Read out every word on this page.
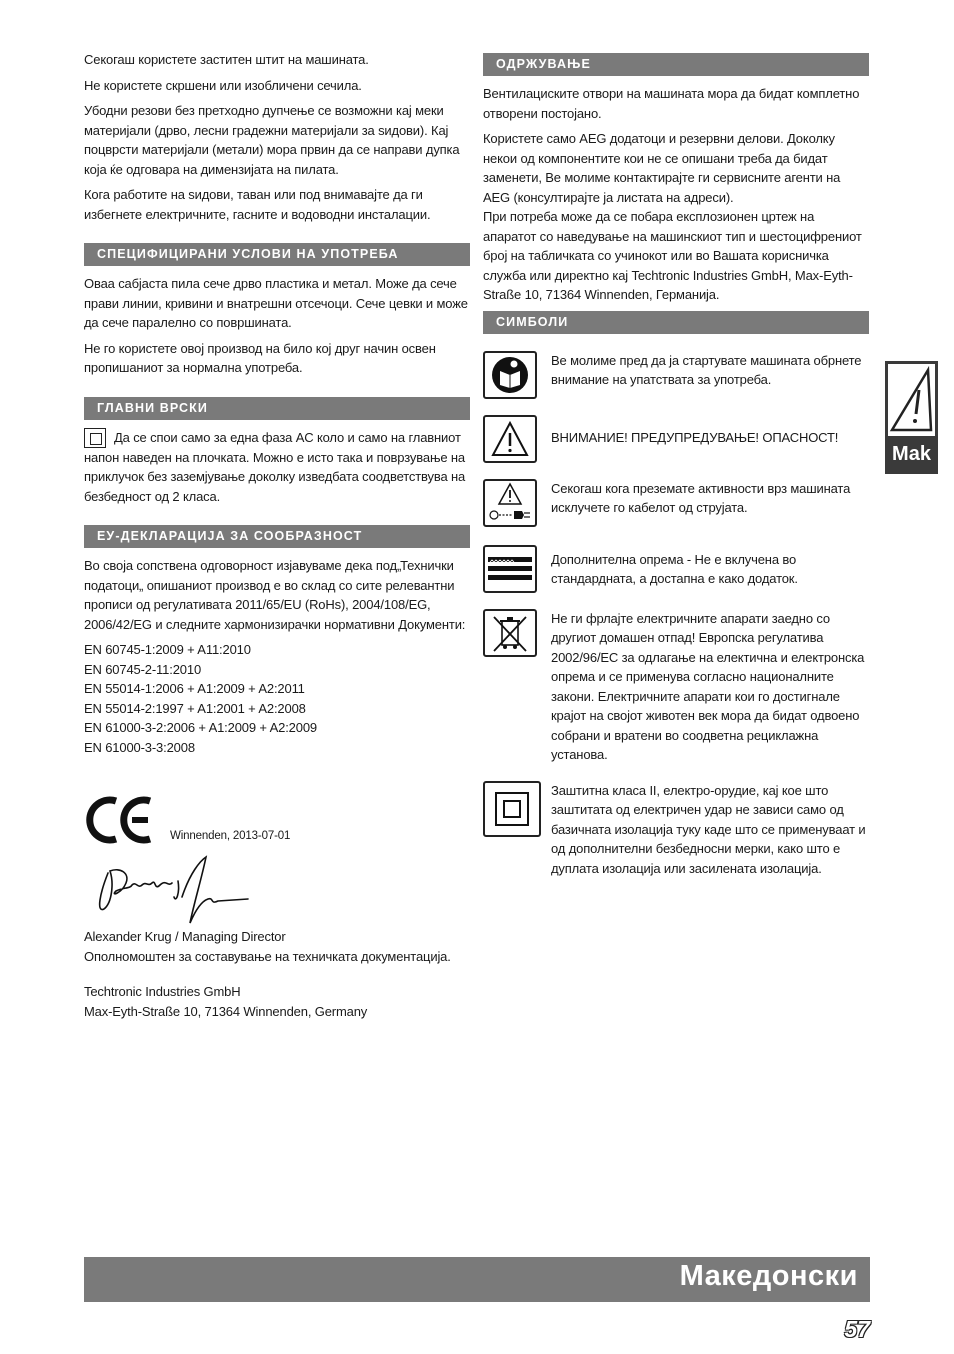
Секогаш користете заститен штит на машината.

Не користете скршени или изобличени сечила.

Убодни резови без претходно дупчење се возможни кај меки материјали (дрво, лесни градежни материјали за ѕидови). Кај поцврсти материјали (метали) мора првин да се направи дупка која ќе одговара на димензијата на пилата.

Кога работите на ѕидови, таван или под внимавајте да ги избегнете електричните, гасните и водоводни инсталации.

СПЕЦИФИЦИРАНИ УСЛОВИ НА УПОТРЕБА

Оваа сабјаста пила сече дрво пластика и метал. Може да сече прави линии, кривини и внатрешни отсечоци. Сече цевки и може да сече паралелно со површината.

Не го користете овој производ на било кој друг начин освен пропишаниот за нормална употреба.

ГЛАВНИ ВРСКИ

Да се спои само за една фаза AC коло и само на главниот напон наведен на плочката. Можно е исто така и поврзување на приклучок без заземјување доколку изведбата соодветствува на безбедност од 2 класа.

ЕУ-ДЕКЛАРАЦИЈА ЗА СООБРАЗНОСТ

Во своја сопствена одговорност изјавуваме дека под„Технички податоци„ опишаниот производ е во склад со сите релевантни прописи од регулативата 2011/65/EU (RoHs), 2004/108/EG, 2006/42/EG и следните хармонизирачки нормативни Документи:

EN 60745-1:2009 + A11:2010
EN 60745-2-11:2010
EN 55014-1:2006 + A1:2009 + A2:2011
EN 55014-2:1997 + A1:2001 + A2:2008
EN 61000-3-2:2006 + A1:2009 + A2:2009
EN 61000-3-3:2008
Winnenden, 2013-07-01

Alexander Krug / Managing Director

Ополномоштен за составување на техничката документација.

Techtronic Industries GmbH

Max-Eyth-Straße 10, 71364 Winnenden, Germany

ОДРЖУВАЊЕ

Вентилациските отвори на машината мора да бидат комплетно отворени постојано.

Користете само AEG додатоци и резервни делови. Доколку некои од компонентите кои не се опишани треба да бидат заменети, Ве молиме контактирајте ги сервисните агенти на AEG (консултирајте ја листата на адреси).

При потреба може да се побара експлозионен цртеж на апаратот со наведување на машинскиот тип и шестоцифрениот број на табличката со учинокот или во Вашата корисничка служба или директно кај Techtronic Industries GmbH, Max-Eyth-Straße 10, 71364 Winnenden, Германија.

СИМБОЛИ
Ве молиме пред да ја стартувате машината обрнете внимание на упатствата за употреба.
ВНИМАНИЕ! ПРЕДУПРЕДУВАЊЕ! ОПАСНОСТ!
Секогаш кога преземате активности врз машината исклучете го кабелот од струјата.
Дополнителна опрема - Не е вклучена во стандардната, а достапна е како додаток.
Не ги фрлајте електричните апарати заедно со другиот домашен отпад! Европска регулатива 2002/96/EC за одлагање на електична и електронска опрема и се применува согласно националните закони. Електричните апарати кои го достигнале крајот на својот животен век мора да бидат одвоено собрани и вратени во соодветна рециклажна установа.
Заштитна класа II, електро-орудие, кај кое што заштитата од електричен удар не зависи само од базичната изолација туку каде што се применуваат и од дополнителни безбедносни мерки, како што е дуплата изолација или засилената изолација.
Mak
Македонски
57
